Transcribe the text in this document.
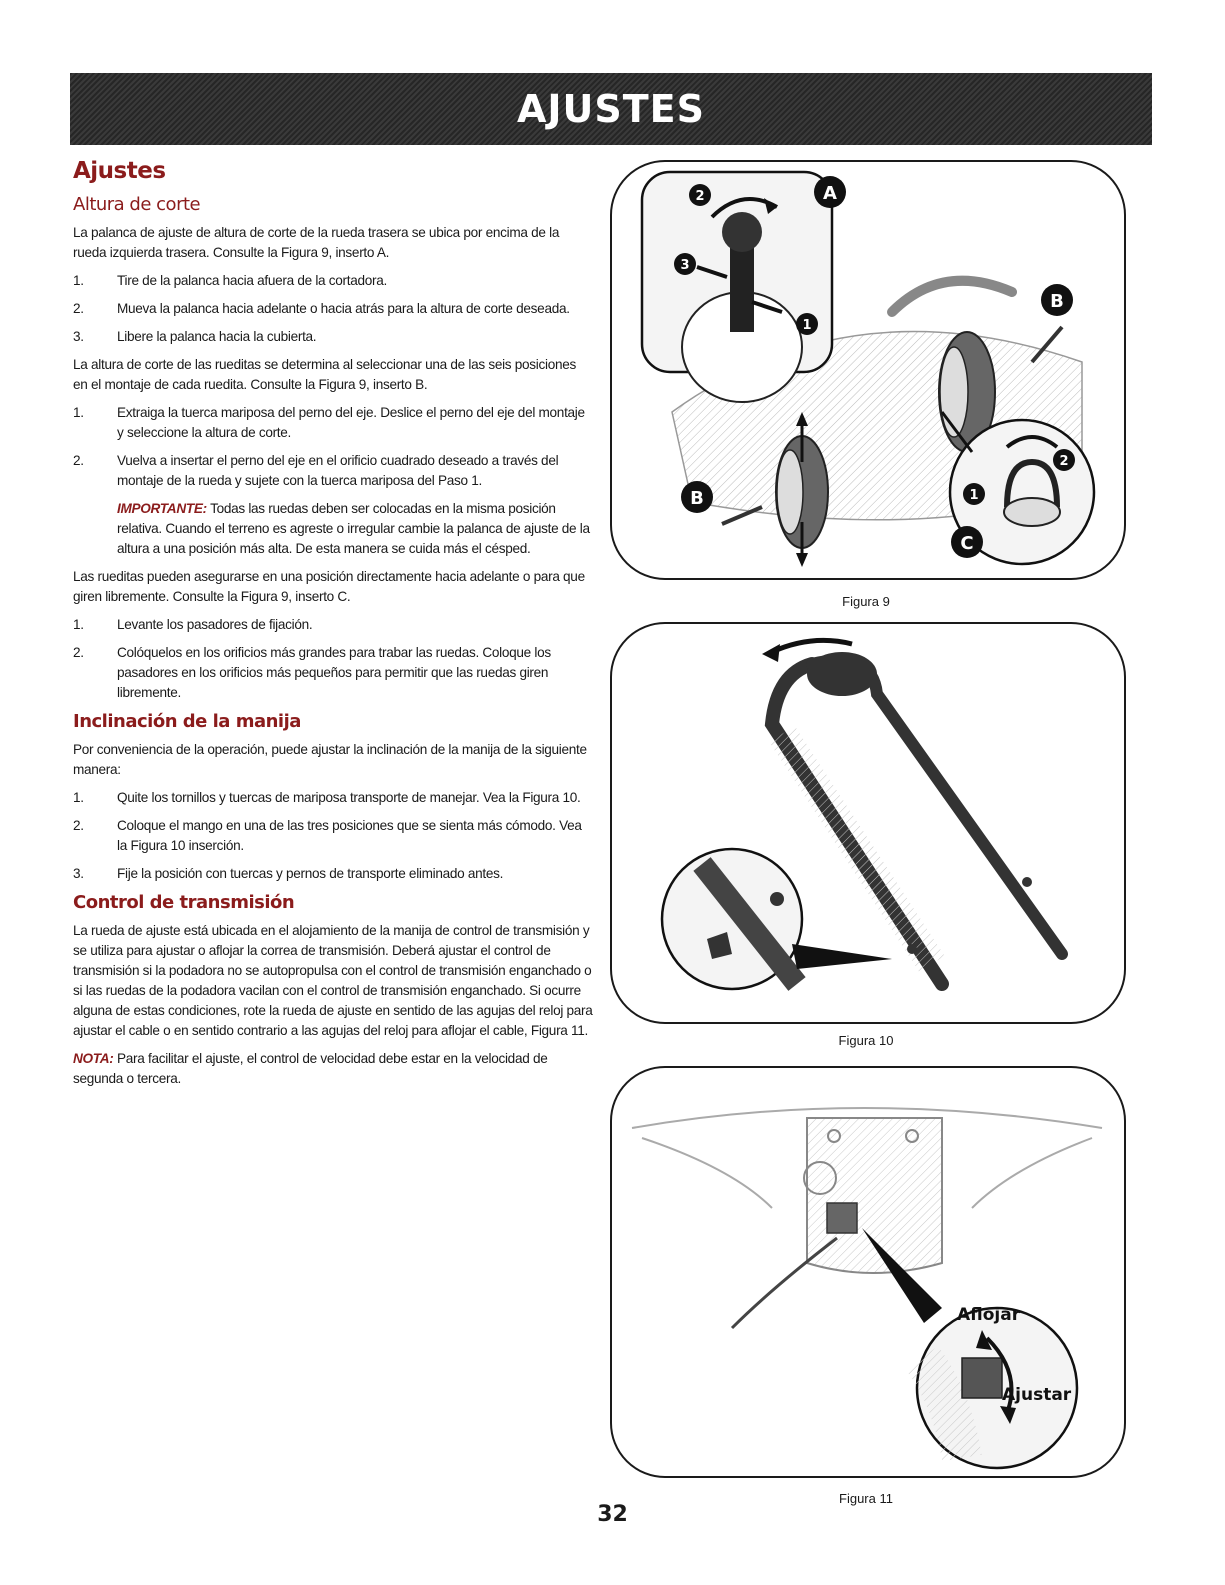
AJUSTES
Ajustes
Altura de corte

La palanca de ajuste de altura de corte de la rueda trasera se ubica por encima de la rueda izquierda trasera. Consulte la Figura 9, inserto A.

1.	Tire de la palanca hacia afuera de la cortadora.
2.	Mueva la palanca hacia adelante o hacia atrás para la altura de corte deseada.
3.	Libere la palanca hacia la cubierta.

La altura de corte de las rueditas se determina al seleccionar una de las seis posiciones en el montaje de cada ruedita. Consulte la Figura 9, inserto B.

1.	Extraiga la tuerca mariposa del perno del eje. Deslice el perno del eje del montaje y seleccione la altura de corte.
2.	Vuelva a insertar el perno del eje en el orificio cuadrado deseado a través del montaje de la rueda y sujete con la tuerca mariposa del Paso 1.
IMPORTANTE: Todas las ruedas deben ser colocadas en la misma posición relativa. Cuando el terreno es agreste o irregular cambie la palanca de ajuste de la altura a una posición más alta. De esta manera se cuida más el césped.

Las rueditas pueden asegurarse en una posición directamente hacia adelante o para que giren libremente. Consulte la Figura 9, inserto C.

1.	Levante los pasadores de fijación.
2.	Colóquelos en los orificios más grandes para trabar las ruedas. Coloque los pasadores en los orificios más pequeños para permitir que las ruedas giren libremente.
Inclinación de la manija

Por conveniencia de la operación, puede ajustar la inclinación de la manija de la siguiente manera:

1.	Quite los tornillos y tuercas de mariposa transporte de manejar. Vea la Figura 10.
2.	Coloque el mango en una de las tres posiciones que se sienta más cómodo. Vea la Figura 10 inserción.
3.	Fije la posición con tuercas y pernos de transporte eliminado antes.
Control de transmisión

La rueda de ajuste está ubicada en el alojamiento de la manija de control de transmisión y se utiliza para ajustar o aflojar la correa de transmisión. Deberá ajustar el control de transmisión si la podadora no se autopropulsa con el control de transmisión enganchado o si las ruedas de la podadora vacilan con el control de transmisión enganchado. Si ocurre alguna de estas condiciones, rote la rueda de ajuste en sentido de las agujas del reloj para ajustar el cable o en sentido contrario a las agujas del reloj para aflojar el cable, Figura 11.

NOTA: Para facilitar el ajuste, el control de velocidad debe estar en la velocidad de segunda o tercera.

A
B
B
C
1
2
3
1
2
Figura 9
Figura 10
Aflojar
Ajustar
Figura 11
32
